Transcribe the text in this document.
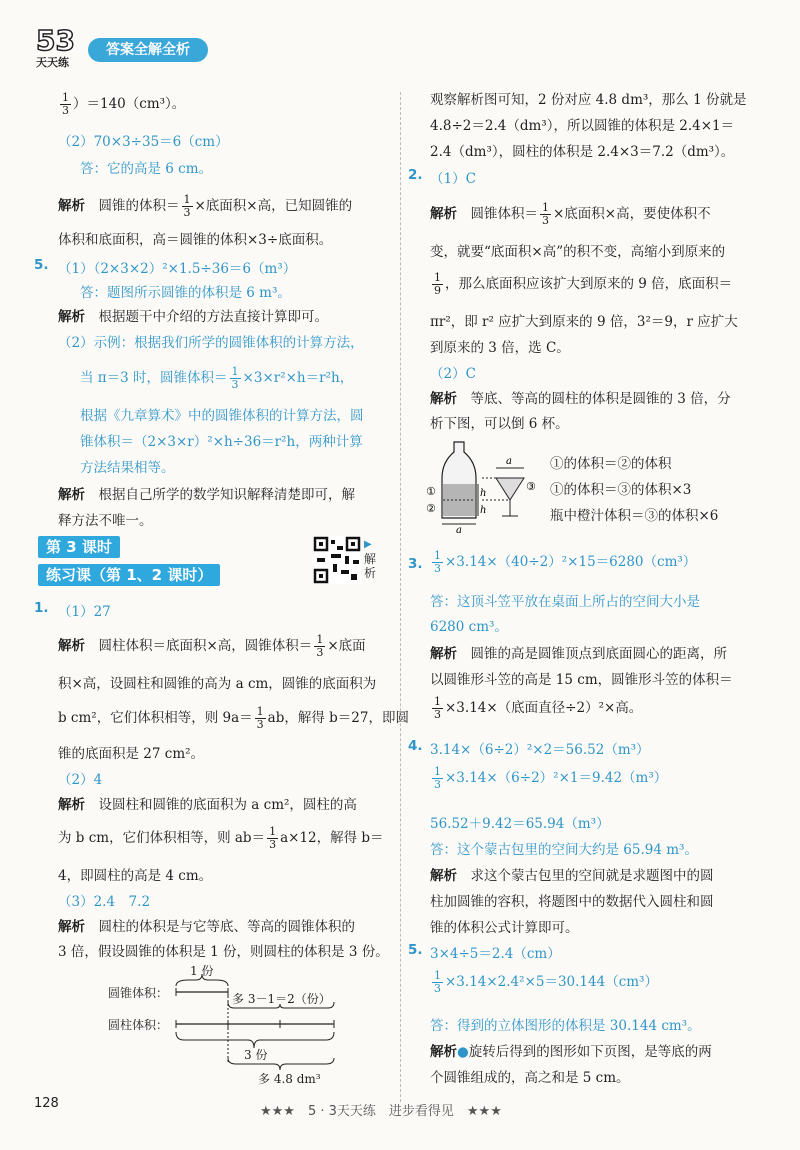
53
天天练
答案全解全析
$\frac{1}{3} )=140(cm^3)$。
（2）70×3÷35＝6（cm）
答：它的高是 6 cm。
解析　 圆锥的体积＝ $\frac{1}{3}$ ×底面积×高，已知圆锥的
体积和底面积，高＝圆锥的体积×3÷底面积。
5. （1）（2×3×2）²×1.5÷36＝6（m³）
答：题图所示圆锥的体积是 6 m³。
解析　 根据题干中介绍的方法直接计算即可。
（2）示例：根据我们所学的圆锥体积的计算方法，
当 π＝3 时，圆锥体积＝ $\frac{1}{3} \times 3\times r^2\times h=r^2h$，
根据《九章算术》中的圆锥体积的计算方法，圆
锥体积＝（2×3×r）²×h÷36＝r²h，两种计算
方法结果相等。
解析　 根据自己所学的数学知识解释清楚即可，解
释方法不唯一。
第 3 课时
练习课（第 1、2 课时）
▶
解析
1. （1）27
解析　 圆柱体积＝底面积×高，圆锥体积＝ $\frac{1}{3}$ ×底面
积×高，设圆柱和圆锥的高为 a cm，圆锥的底面积为
b cm²，它们体积相等，则 $9a= \frac{1}{3}$ ab，解得 b＝27，即圆
锥的底面积是 27 cm²。
（2）4
解析　 设圆柱和圆锥的底面积为 a cm²，圆柱的高
为 b cm，它们体积相等，则 $ab= \frac{1}{3} a\times 12$，解得 b＝
4，即圆柱的高是 4 cm。
（3）2.4　7.2
解析　 圆柱的体积是与它等底、等高的圆锥体积的
3 倍，假设圆锥的体积是 1 份，则圆柱的体积是 3 份。
1 份
圆锥体积：
圆柱体积：
多 3－1＝2（份）
3 份
多 4.8 dm³
观察解析图可知，2 份对应 4.8 dm³，那么 1 份就是
4.8÷2＝2.4（dm³），所以圆锥的体积是 2.4×1＝
2.4（dm³），圆柱的体积是 2.4×3＝7.2（dm³）。
2. （1）C
解析　 圆锥体积＝ $\frac{1}{3}$ ×底面积×高，要使体积不
变，就要“底面积×高”的积不变，高缩小到原来的
$\frac{1}{9}$ ，那么底面积应该扩大到原来的 9 倍，底面积＝
πr²，即 r² 应扩大到原来的 9 倍，3²＝9，r 应扩大
到原来的 3 倍，选 C。
（2）C
解析　 等底、等高的圆柱的体积是圆锥的 3 倍，分
析下图，可以倒 6 杯。
h
h
①
②
a
a
③
①的体积＝②的体积
①的体积＝③的体积×3
瓶中橙汁体积＝③的体积×6
3. $\frac{1}{3} \times 3.14\times(40\div 2)^2\times 15=6280(cm^3)$
答：这顶斗笠平放在桌面上所占的空间大小是
6280 cm³。
解析　 圆锥的高是圆锥顶点到底面圆心的距离，所
以圆锥形斗笠的高是 15 cm，圆锥形斗笠的体积＝
$\frac{1}{3} \times 3.14\times$（底面直径÷2）²×高。
4. 3.14×（6÷2）²×2＝56.52（m³）
$\frac{1}{3} \times 3.14\times(6\div 2)^2\times 1=9.42(m^3)$
56.52＋9.42＝65.94（m³）
答：这个蒙古包里的空间大约是 65.94 m³。
解析　 求这个蒙古包里的空间就是求题图中的圆
柱加圆锥的容积，将题图中的数据代入圆柱和圆
锥的体积公式计算即可。
5. 3×4÷5＝2.4（cm）
$\frac{1}{3} \times 3.14\times 2.4^2\times 5=30.144(cm^3)$
答：得到的立体图形的体积是 30.144 cm³。
解析●旋转后得到的图形如下页图，是等底的两
个圆锥组成的，高之和是 5 cm。
128
★★★　5 · 3天天练　进步看得见　★★★
